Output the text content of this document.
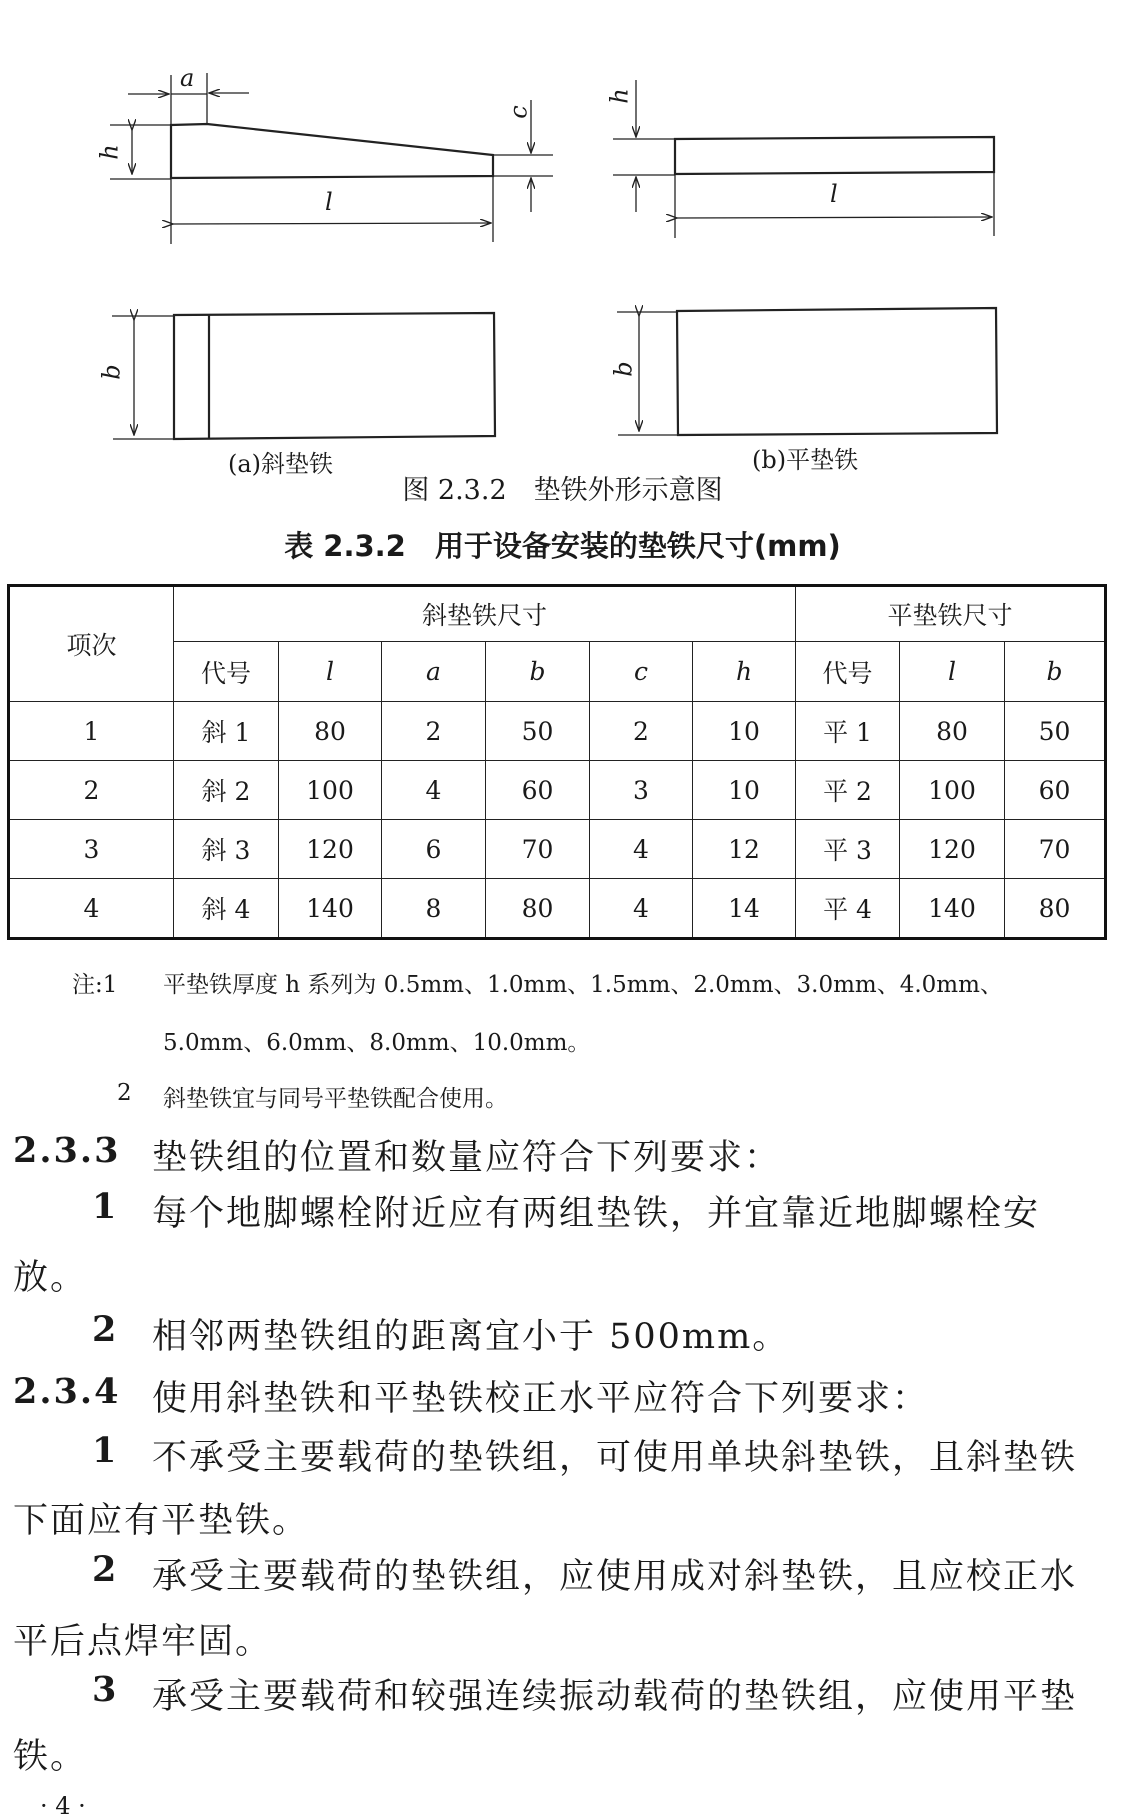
a
h
c
l
b
(a)斜垫铁
h
l
b
(b)平垫铁
图 2.3.2　垫铁外形示意图
表 2.3.2　用于设备安装的垫铁尺寸(mm)
项次	斜垫铁尺寸						平垫铁尺寸		
	代号	l	a	b	c	h	代号	l	b
1	斜 1	80	2	50	2	10	平 1	80	50
2	斜 2	100	4	60	3	10	平 2	100	60
3	斜 3	120	6	70	4	12	平 3	120	70
4	斜 4	140	8	80	4	14	平 4	140	80
注:1 平垫铁厚度 h 系列为 0.5mm、1.0mm、1.5mm、2.0mm、3.0mm、4.0mm、
5.0mm、6.0mm、8.0mm、10.0mm。
2 斜垫铁宜与同号平垫铁配合使用。
2.3.3 垫铁组的位置和数量应符合下列要求：
1 每个地脚螺栓附近应有两组垫铁，并宜靠近地脚螺栓安
放。
2 相邻两垫铁组的距离宜小于 500mm。
2.3.4 使用斜垫铁和平垫铁校正水平应符合下列要求：
1 不承受主要载荷的垫铁组，可使用单块斜垫铁，且斜垫铁
下面应有平垫铁。
2 承受主要载荷的垫铁组，应使用成对斜垫铁，且应校正水
平后点焊牢固。
3 承受主要载荷和较强连续振动载荷的垫铁组，应使用平垫
铁。
· 4 ·
